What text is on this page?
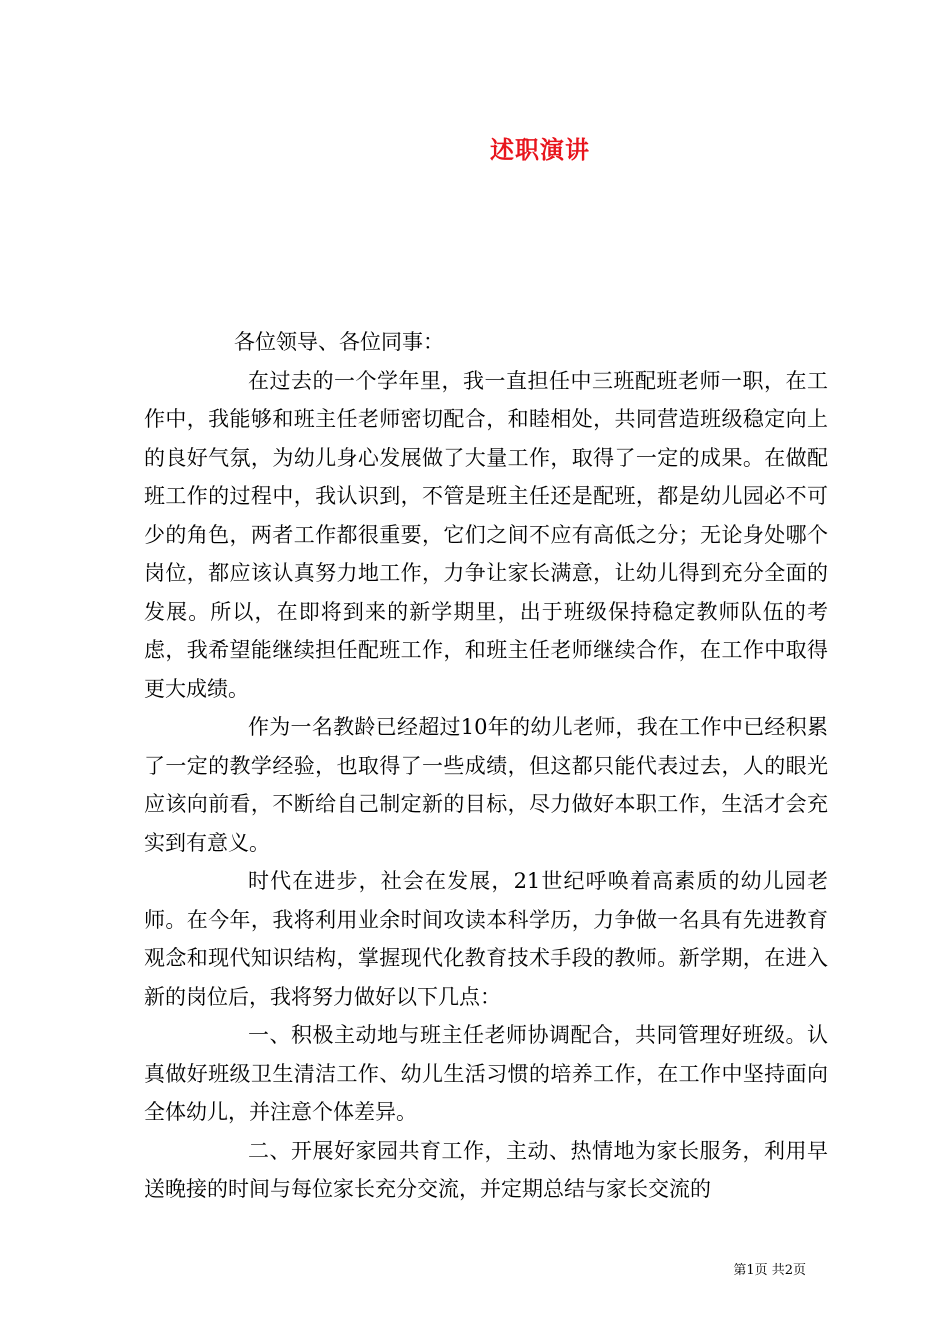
述职演讲

各位领导、各位同事：

在过去的一个学年里，我一直担任中三班配班老师一职，在工作中，我能够和班主任老师密切配合，和睦相处，共同营造班级稳定向上的良好气氛，为幼儿身心发展做了大量工作，取得了一定的成果。在做配班工作的过程中，我认识到，不管是班主任还是配班，都是幼儿园必不可少的角色，两者工作都很重要，它们之间不应有高低之分；无论身处哪个岗位，都应该认真努力地工作，力争让家长满意，让幼儿得到充分全面的发展。所以，在即将到来的新学期里，出于班级保持稳定教师队伍的考虑，我希望能继续担任配班工作，和班主任老师继续合作，在工作中取得更大成绩。

作为一名教龄已经超过10年的幼儿老师，我在工作中已经积累了一定的教学经验，也取得了一些成绩，但这都只能代表过去，人的眼光应该向前看，不断给自己制定新的目标，尽力做好本职工作，生活才会充实到有意义。

时代在进步，社会在发展，21世纪呼唤着高素质的幼儿园老师。在今年，我将利用业余时间攻读本科学历，力争做一名具有先进教育观念和现代知识结构，掌握现代化教育技术手段的教师。新学期，在进入新的岗位后，我将努力做好以下几点：

一、积极主动地与班主任老师协调配合，共同管理好班级。认真做好班级卫生清洁工作、幼儿生活习惯的培养工作，在工作中坚持面向全体幼儿，并注意个体差异。

二、开展好家园共育工作，主动、热情地为家长服务，利用早送晚接的时间与每位家长充分交流，并定期总结与家长交流的

第1页 共2页
